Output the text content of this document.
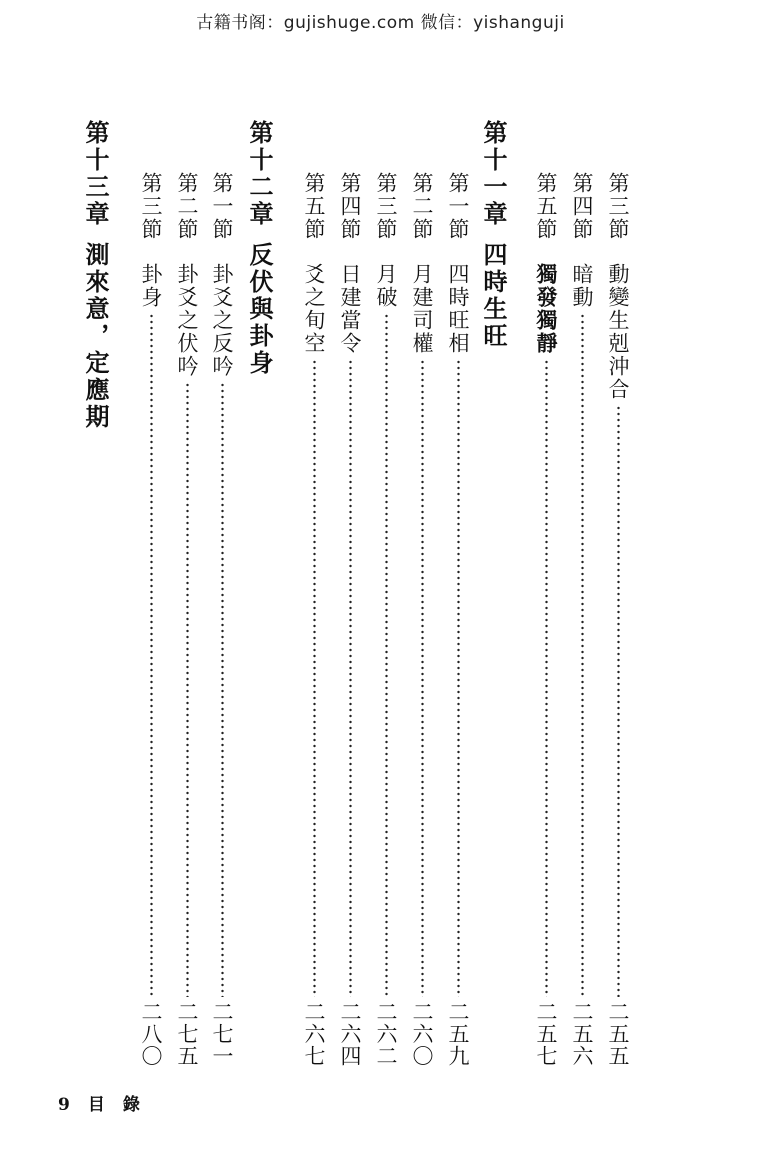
古籍书阁：gujishuge.com 微信：yishanguji
第三節
動變生剋沖合
二五五
第四節
暗動
二五六
第五節
獨發獨靜
二五七
第十一章
四時生旺
第一節
四時旺相
二五九
第二節
月建司權
二六〇
第三節
月破
二六二
第四節
日建當令
二六四
第五節
爻之旬空
二六七
第十二章
反伏與卦身
第一節
卦爻之反吟
二七一
第二節
卦爻之伏吟
二七五
第三節
卦身
二八〇
第十三章
測來意，定應期
9 目 錄
